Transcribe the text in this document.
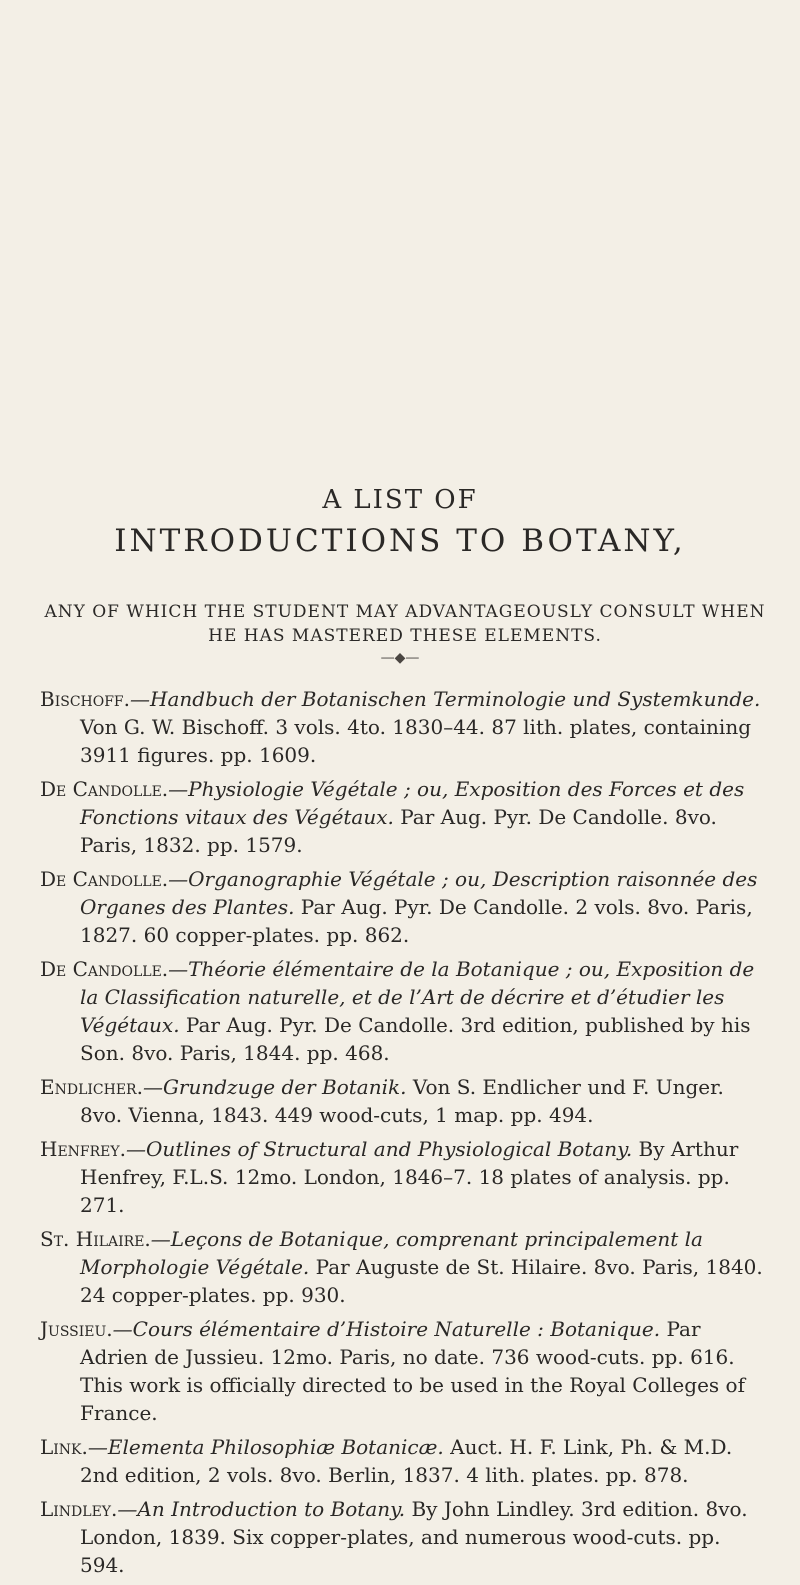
A LIST OF
INTRODUCTIONS TO BOTANY,
ANY OF WHICH THE STUDENT MAY ADVANTAGEOUSLY CONSULT WHEN HE HAS MASTERED THESE ELEMENTS.
—◆—

Bischoff.—Handbuch der Botanischen Terminologie und Systemkunde. Von G. W. Bischoff. 3 vols. 4to. 1830–44. 87 lith. plates, containing 3911 figures. pp. 1609.

De Candolle.—Physiologie Végétale ; ou, Exposition des Forces et des Fonctions vitaux des Végétaux. Par Aug. Pyr. De Candolle. 8vo. Paris, 1832. pp. 1579.

De Candolle.—Organographie Végétale ; ou, Description raisonnée des Organes des Plantes. Par Aug. Pyr. De Candolle. 2 vols. 8vo. Paris, 1827. 60 copper-plates. pp. 862.

De Candolle.—Théorie élémentaire de la Botanique ; ou, Exposition de la Classification naturelle, et de l’Art de décrire et d’étudier les Végétaux. Par Aug. Pyr. De Candolle. 3rd edition, published by his Son. 8vo. Paris, 1844. pp. 468.

Endlicher.—Grundzuge der Botanik. Von S. Endlicher und F. Unger. 8vo. Vienna, 1843. 449 wood-cuts, 1 map. pp. 494.

Henfrey.—Outlines of Structural and Physiological Botany. By Arthur Henfrey, F.L.S. 12mo. London, 1846–7. 18 plates of analysis. pp. 271.

St. Hilaire.—Leçons de Botanique, comprenant principalement la Morphologie Végétale. Par Auguste de St. Hilaire. 8vo. Paris, 1840. 24 copper-plates. pp. 930.

Jussieu.—Cours élémentaire d’Histoire Naturelle : Botanique. Par Adrien de Jussieu. 12mo. Paris, no date. 736 wood-cuts. pp. 616. This work is officially directed to be used in the Royal Colleges of France.

Link.—Elementa Philosophiæ Botanicæ. Auct. H. F. Link, Ph. & M.D. 2nd edition, 2 vols. 8vo. Berlin, 1837. 4 lith. plates. pp. 878.

Lindley.—An Introduction to Botany. By John Lindley. 3rd edition. 8vo. London, 1839. Six copper-plates, and numerous wood-cuts. pp. 594.
